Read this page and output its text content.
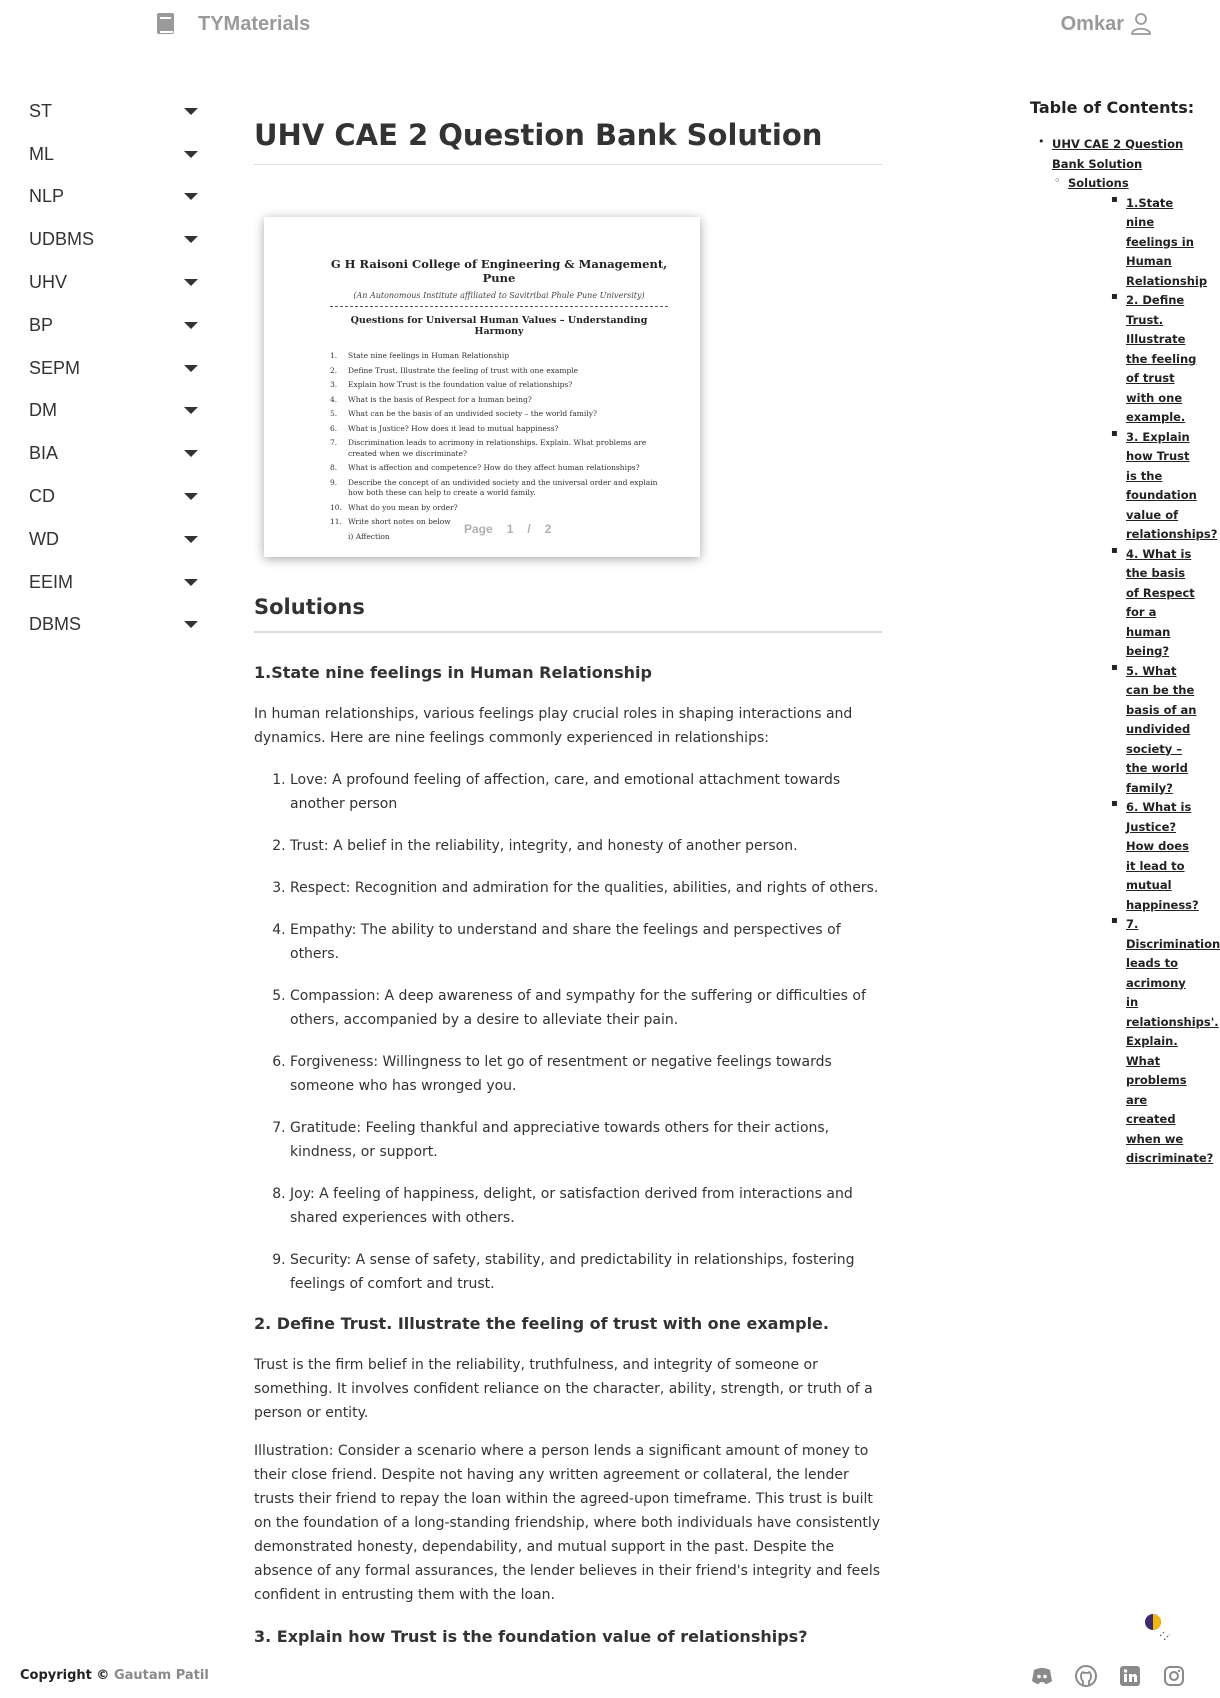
TYMaterials	Omkar
ST
ML
NLP
UDBMS
UHV
BP
SEPM
DM
BIA
CD
WD
EEIM
DBMS
UHV CAE 2 Question Bank Solution
G H Raisoni College of Engineering & Management, Pune
(An Autonomous Institute affiliated to Savitribai Phule Pune University)
Questions for Universal Human Values – Understanding Harmony
1.	State nine feelings in Human Relationship
2.	Define Trust. Illustrate the feeling of trust with one example
3.	Explain how Trust is the foundation value of relationships?
4.	What is the basis of Respect for a human being?
5.	What can be the basis of an undivided society – the world family?
6.	What is Justice? How does it lead to mutual happiness?
7.	Discrimination leads to acrimony in relationships. Explain. What problems are created when we discriminate?
8.	What is affection and competence? How do they affect human relationships?
9.	Describe the concept of an undivided society and the universal order and explain how both these can help to create a world family.
10. What do you mean by order?
11. Write short notes on below
i) Affection	Page 1 / 2
Solutions
1.State nine feelings in Human Relationship

In human relationships, various feelings play crucial roles in shaping interactions and dynamics. Here are nine feelings commonly experienced in relationships:

1. Love: A profound feeling of affection, care, and emotional attachment towards another person
2. Trust: A belief in the reliability, integrity, and honesty of another person.
3. Respect: Recognition and admiration for the qualities, abilities, and rights of others.
4. Empathy: The ability to understand and share the feelings and perspectives of others.
5. Compassion: A deep awareness of and sympathy for the suffering or difficulties of others, accompanied by a desire to alleviate their pain.
6. Forgiveness: Willingness to let go of resentment or negative feelings towards someone who has wronged you.
7. Gratitude: Feeling thankful and appreciative towards others for their actions, kindness, or support.
8. Joy: A feeling of happiness, delight, or satisfaction derived from interactions and shared experiences with others.
9. Security: A sense of safety, stability, and predictability in relationships, fostering feelings of comfort and trust.
2. Define Trust. Illustrate the feeling of trust with one example.

Trust is the firm belief in the reliability, truthfulness, and integrity of someone or something. It involves confident reliance on the character, ability, strength, or truth of a person or entity.

Illustration: Consider a scenario where a person lends a significant amount of money to their close friend. Despite not having any written agreement or collateral, the lender trusts their friend to repay the loan within the agreed-upon timeframe. This trust is built on the foundation of a long-standing friendship, where both individuals have consistently demonstrated honesty, dependability, and mutual support in the past. Despite the absence of any formal assurances, the lender believes in their friend's integrity and feels confident in entrusting them with the loan.

3. Explain how Trust is the foundation value of relationships?
Table of Contents:
• UHV CAE 2 Question Bank Solution
◦ Solutions
▪ 1.State nine feelings in Human Relationship
▪ 2. Define Trust. Illustrate the feeling of trust with one example.
▪ 3. Explain how Trust is the foundation value of relationships?
▪ 4. What is the basis of Respect for a human being?
▪ 5. What can be the basis of an undivided society – the world family?
▪ 6. What is Justice? How does it lead to mutual happiness?
▪ 7. Discrimination leads to acrimony in relationships'. Explain. What problems are created when we discriminate?
Copyright © Gautam Patil
